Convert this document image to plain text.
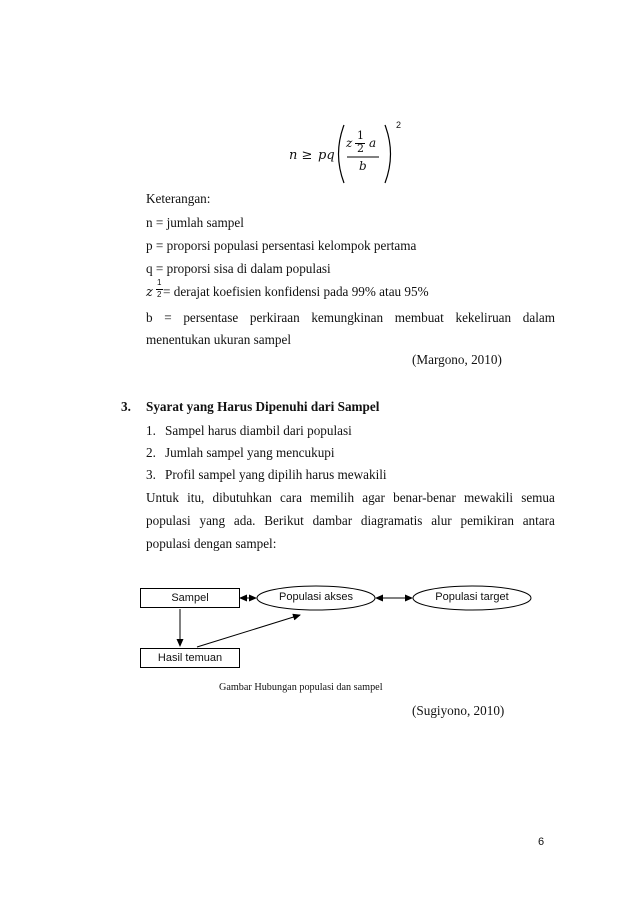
n ≥ pq
z
1
2 a
b
2
Keterangan:
n = jumlah sampel
p = proporsi populasi persentasi kelompok pertama
q = proporsi sisa di dalam populasi
z
1
2 = derajat koefisien konfidensi pada 99% atau 95%
b = persentase perkiraan kemungkinan membuat kekeliruan dalam
menentukan ukuran sampel
(Margono, 2010)
3. Syarat yang Harus Dipenuhi dari Sampel
1. Sampel harus diambil dari populasi
2. Jumlah sampel yang mencukupi
3. Profil sampel yang dipilih harus mewakili
Untuk itu, dibutuhkan cara memilih agar benar-benar mewakili semua
populasi yang ada. Berikut dambar diagramatis alur pemikiran antara
populasi dengan sampel:
Sampel	Populasi akses	Populasi target
Hasil temuan
Gambar Hubungan populasi dan sampel
(Sugiyono, 2010)
6
